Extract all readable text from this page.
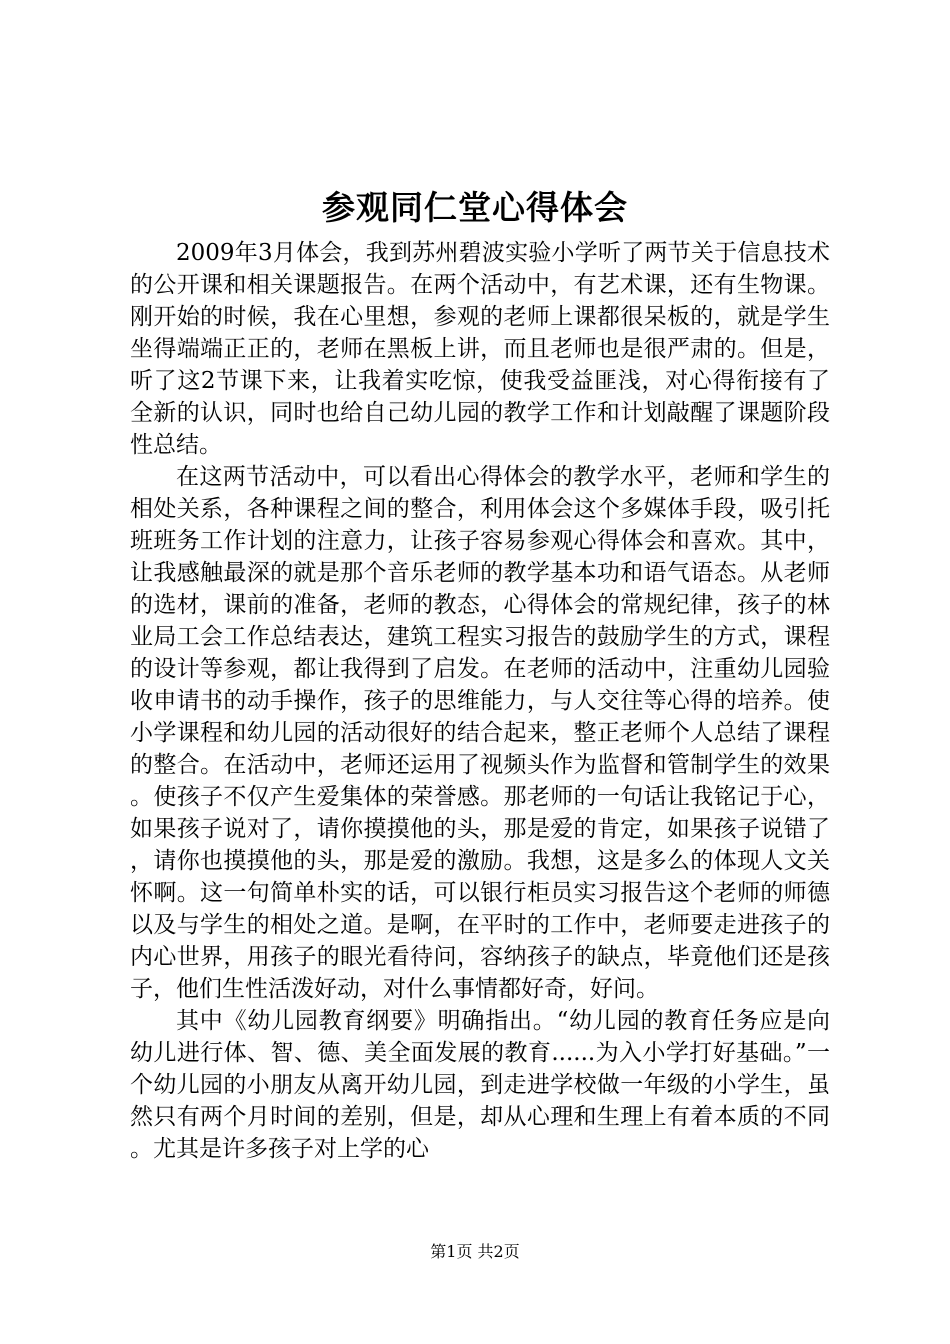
参观同仁堂心得体会

2009年3月体会，我到苏州碧波实验小学听了两节关于信息技术的公开课和相关课题报告。在两个活动中，有艺术课，还有生物课。刚开始的时候，我在心里想，参观的老师上课都很呆板的，就是学生坐得端端正正的，老师在黑板上讲，而且老师也是很严肃的。但是，听了这2节课下来，让我着实吃惊，使我受益匪浅，对心得衔接有了全新的认识，同时也给自己幼儿园的教学工作和计划敲醒了课题阶段性总结。

在这两节活动中，可以看出心得体会的教学水平，老师和学生的相处关系，各种课程之间的整合，利用体会这个多媒体手段，吸引托班班务工作计划的注意力，让孩子容易参观心得体会和喜欢。其中，让我感触最深的就是那个音乐老师的教学基本功和语气语态。从老师的选材，课前的准备，老师的教态，心得体会的常规纪律，孩子的林业局工会工作总结表达，建筑工程实习报告的鼓励学生的方式，课程的设计等参观，都让我得到了启发。在老师的活动中，注重幼儿园验收申请书的动手操作，孩子的思维能力，与人交往等心得的培养。使小学课程和幼儿园的活动很好的结合起来，整正老师个人总结了课程的整合。在活动中，老师还运用了视频头作为监督和管制学生的效果。使孩子不仅产生爱集体的荣誉感。那老师的一句话让我铭记于心，如果孩子说对了，请你摸摸他的头，那是爱的肯定，如果孩子说错了，请你也摸摸他的头，那是爱的激励。我想，这是多么的体现人文关怀啊。这一句简单朴实的话，可以银行柜员实习报告这个老师的师德以及与学生的相处之道。是啊，在平时的工作中，老师要走进孩子的内心世界，用孩子的眼光看待问，容纳孩子的缺点，毕竟他们还是孩子，他们生性活泼好动，对什么事情都好奇，好问。

其中《幼儿园教育纲要》明确指出。“幼儿园的教育任务应是向幼儿进行体、智、德、美全面发展的教育......为入小学打好基础。”一个幼儿园的小朋友从离开幼儿园，到走进学校做一年级的小学生，虽然只有两个月时间的差别，但是，却从心理和生理上有着本质的不同。尤其是许多孩子对上学的心

第1页 共2页
